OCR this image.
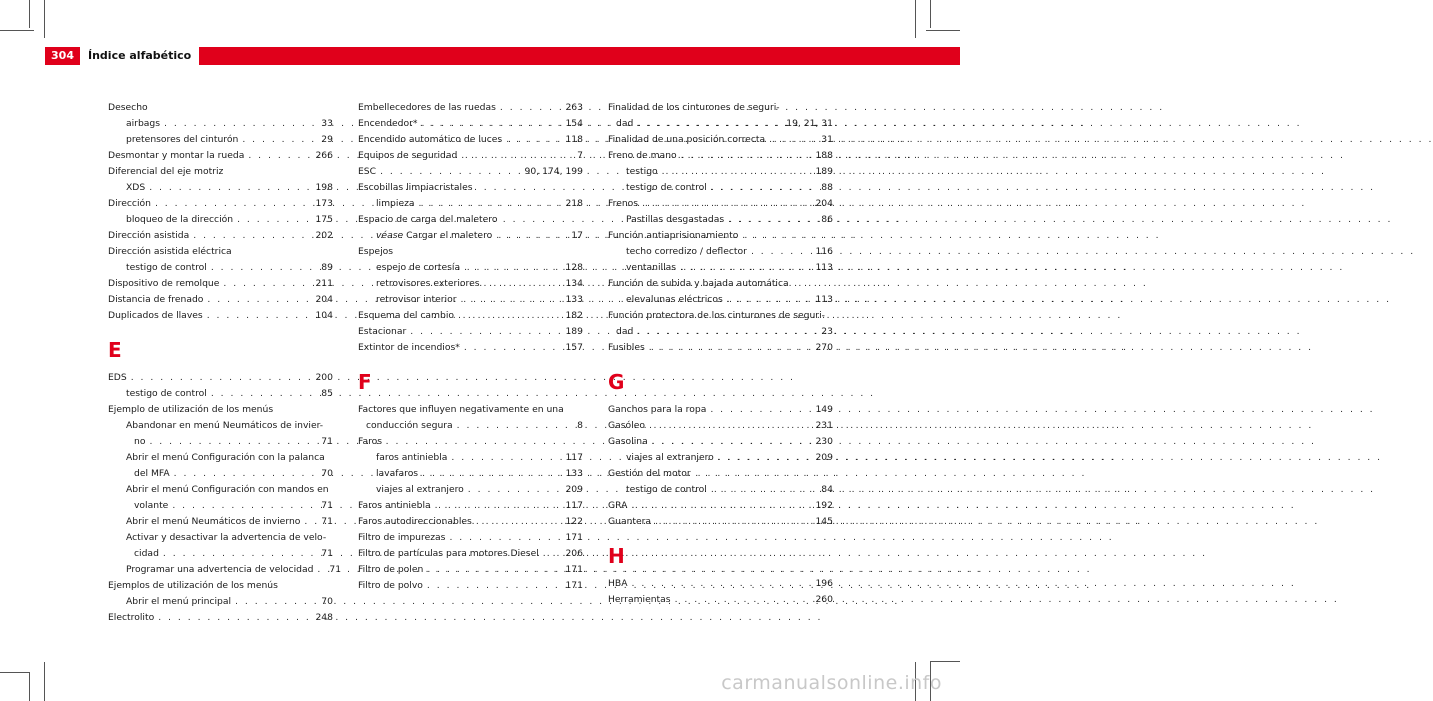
304	Índice alfabético
Desecho
airbags . . .	33
pretensores del cinturón . . .	29
Desmontar y montar la rueda . . .	266
Diferencial del eje motriz
XDS . . .	198
Dirección . . .	173
bloqueo de la dirección . . .	175
Dirección asistida . . .	202
Dirección asistida eléctrica
testigo de control . . .	89
Dispositivo de remolque . . .	211
Distancia de frenado . . .	204
Duplicados de llaves . . .	104
E
EDS . . .	200
testigo de control . . .	85
Ejemplo de utilización de los menús
Abandonar en menú Neumáticos de invier-
no . . .	71
Abrir el menú Configuración con la palanca
del MFA . . .	70
Abrir el menú Configuración con mandos en
volante . . .	71
Abrir el menú Neumáticos de invierno . . . 71
Activar y desactivar la advertencia de velo-
cidad . . .	71
Programar una advertencia de velocidad . . . 71
Ejemplos de utilización de los menús
Abrir el menú principal . . .	70
Electrolito . . .	248
Embellecedores de las ruedas . . .	263
Encendedor* . . .	154
Encendido automático de luces . . .	118
Equipos de seguridad . . .	7
ESC . . .	90, 174, 199
Escobillas limpiacristales
limpieza . . .	218
Espacio de carga del maletero
véase Cargar el maletero . . .	17
Espejos
espejo de cortesía . . .	128
retrovisores exteriores . . .	134
retrovisor interior . . .	133
Esquema del cambio . . .	182
Estacionar . . .	189
Extintor de incendios* . . .	157
F
Factores que influyen negativamente en una
conducción segura . . .	8
Faros
faros antiniebla . . .	117
lavafaros . . .	133
viajes al extranjero . . .	209
Faros antiniebla . . .	117
Faros autodireccionables . . .	122
Filtro de impurezas . . .	171
Filtro de partículas para motores Diesel . . .	206
Filtro de polen . . .	171
Filtro de polvo . . .	171
Finalidad de los cinturones de seguri-
dad . . .	19, 21, 31
Finalidad de una posición correcta . . .	31
Freno de mano . . .	188
testigo . . .	189
testigo de control . . .	88
Frenos . . .	204
Pastillas desgastadas . . .	86
Función antiaprisionamiento
techo corredizo / deflector . . .	116
ventanillas . . .	113
Función de subida y bajada automática
elevalunas eléctricos . . .	113
Función protectora de los cinturones de seguri-
dad . . .	23
Fusibles . . .	270
G
Ganchos para la ropa . . .	149
Gasóleo . . .	231
Gasolina . . .	230
viajes al extranjero . . .	209
Gestión del motor
testigo de control . . .	84
GRA . . .	192
Guantera . . .	145
H
HBA . . .	196
Herramientas . . .	260
carmanualsonline.info
